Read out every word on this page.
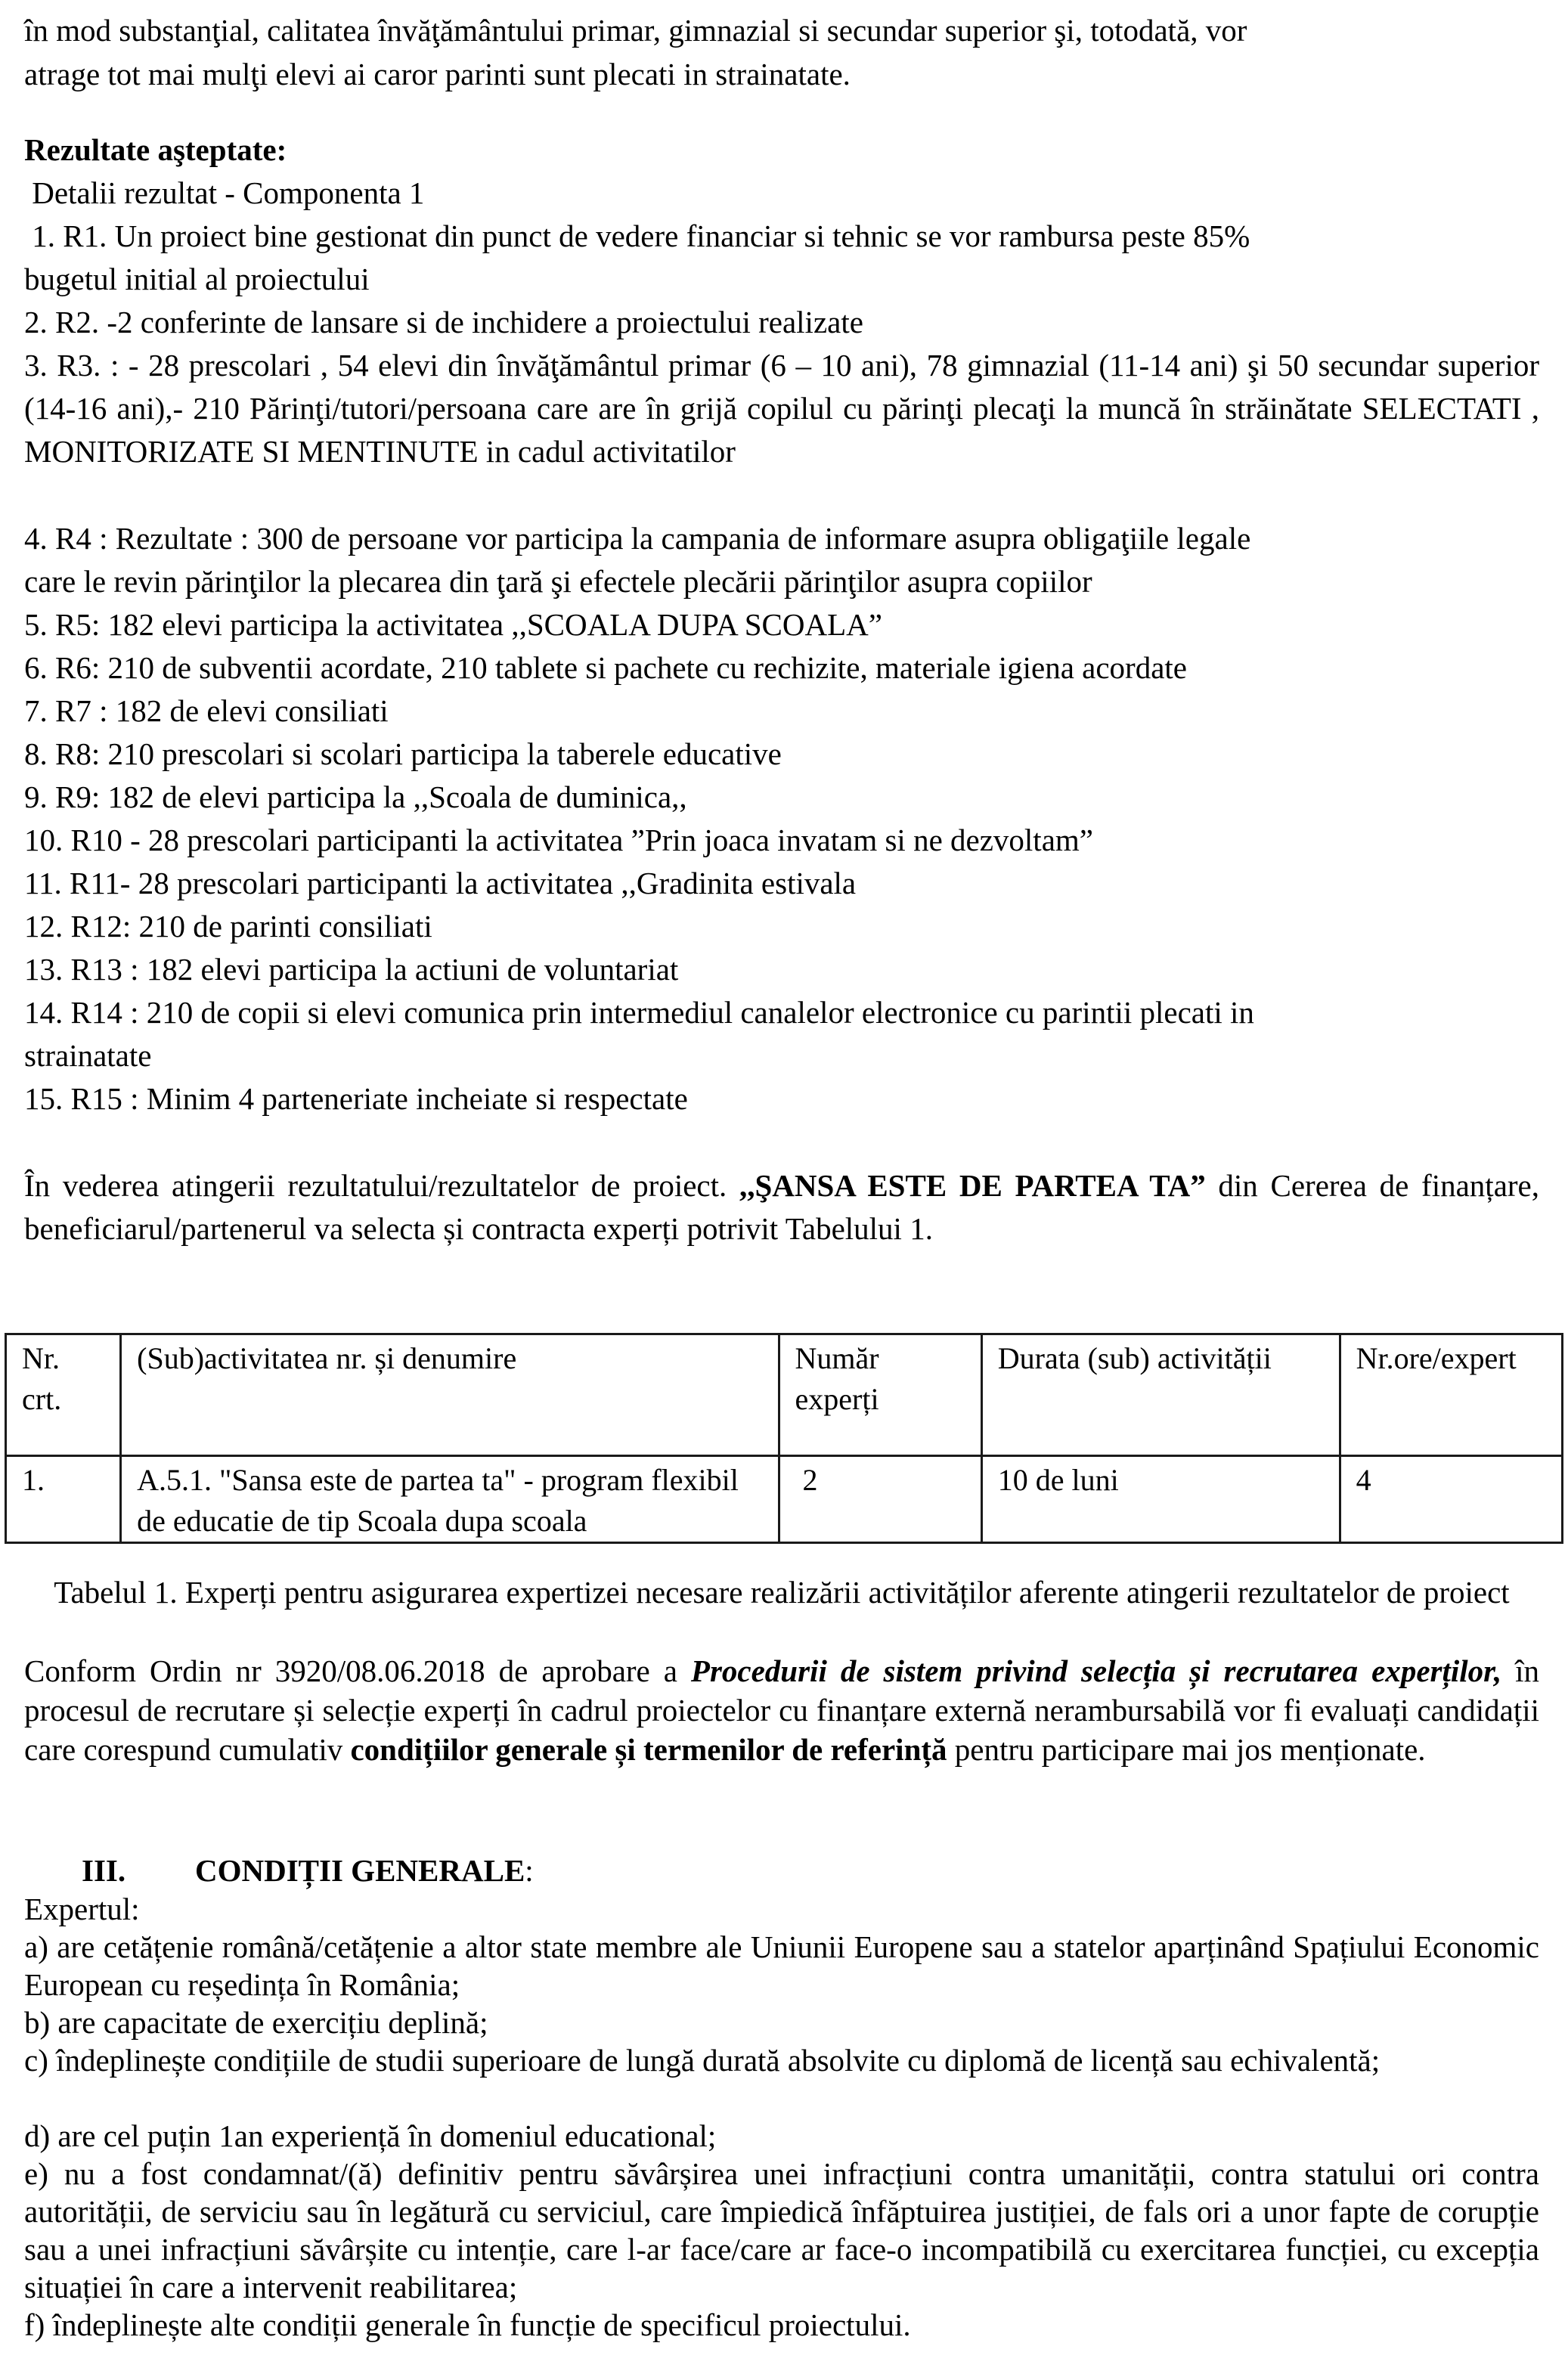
în mod substanţial, calitatea învăţământului primar, gimnazial si secundar superior şi, totodată, vor
atrage tot mai mulţi elevi ai caror parinti sunt plecati in strainatate.
Rezultate aşteptate:
Detalii rezultat - Componenta 1
1. R1. Un proiect bine gestionat din punct de vedere financiar si tehnic se vor rambursa peste 85%
bugetul initial al proiectului
2. R2. -2 conferinte de lansare si de inchidere a proiectului realizate
3. R3. : - 28 prescolari , 54 elevi din învăţământul primar (6 – 10 ani), 78 gimnazial (11-14 ani) şi 50 secundar superior (14-16 ani),- 210 Părinţi/tutori/persoana care are în grijă copilul cu părinţi plecaţi la muncă în străinătate SELECTATI , MONITORIZATE SI MENTINUTE in cadul activitatilor
4. R4 : Rezultate : 300 de persoane vor participa la campania de informare asupra obligaţiile legale
care le revin părinţilor la plecarea din ţară şi efectele plecării părinţilor asupra copiilor
5. R5: 182 elevi participa la activitatea ,,SCOALA DUPA SCOALA”
6. R6: 210 de subventii acordate, 210 tablete si pachete cu rechizite, materiale igiena acordate
7. R7 : 182 de elevi consiliati
8. R8: 210 prescolari si scolari participa la taberele educative
9. R9: 182 de elevi participa la ,,Scoala de duminica,,
10. R10 - 28 prescolari participanti la activitatea ”Prin joaca invatam si ne dezvoltam”
11. R11- 28 prescolari participanti la activitatea ,,Gradinita estivala
12. R12: 210 de parinti consiliati
13. R13 : 182 elevi participa la actiuni de voluntariat
14. R14 : 210 de copii si elevi comunica prin intermediul canalelor electronice cu parintii plecati in
strainatate
15. R15 : Minim 4 parteneriate incheiate si respectate
În vederea atingerii rezultatului/rezultatelor de proiect. ,,ŞANSA ESTE DE PARTEA TA” din Cererea de finanțare, beneficiarul/partenerul va selecta și contracta experți potrivit Tabelului 1.
Nr. crt.	(Sub)activitatea nr. și denumire	Număr experți	Durata (sub) activității	Nr.ore/expert
1.	A.5.1. "Sansa este de partea ta" - program flexibil de educatie de tip Scoala dupa scoala	2	10 de luni	4
Tabelul 1. Experți pentru asigurarea expertizei necesare realizării activităților aferente atingerii rezultatelor de proiect
Conform Ordin nr 3920/08.06.2018 de aprobare a Procedurii de sistem privind selecția și recrutarea experților, în procesul de recrutare și selecție experți în cadrul proiectelor cu finanțare externă nerambursabilă vor fi evaluați candidații care corespund cumulativ condițiilor generale și termenilor de referință pentru participare mai jos menționate.
III. CONDIȚII GENERALE:
Expertul:
a) are cetățenie română/cetățenie a altor state membre ale Uniunii Europene sau a statelor aparținând Spațiului Economic European cu reședința în România;
b) are capacitate de exercițiu deplină;
c) îndeplinește condițiile de studii superioare de lungă durată absolvite cu diplomă de licență sau echivalentă;
d) are cel puțin 1an experiență în domeniul educational;
e) nu a fost condamnat/(ă) definitiv pentru săvârșirea unei infracțiuni contra umanității, contra statului ori contra autorității, de serviciu sau în legătură cu serviciul, care împiedică înfăptuirea justiției, de fals ori a unor fapte de corupție sau a unei infracțiuni săvârșite cu intenție, care l-ar face/care ar face-o incompatibilă cu exercitarea funcției, cu excepția situației în care a intervenit reabilitarea;
f) îndeplinește alte condiții generale în funcție de specificul proiectului.
